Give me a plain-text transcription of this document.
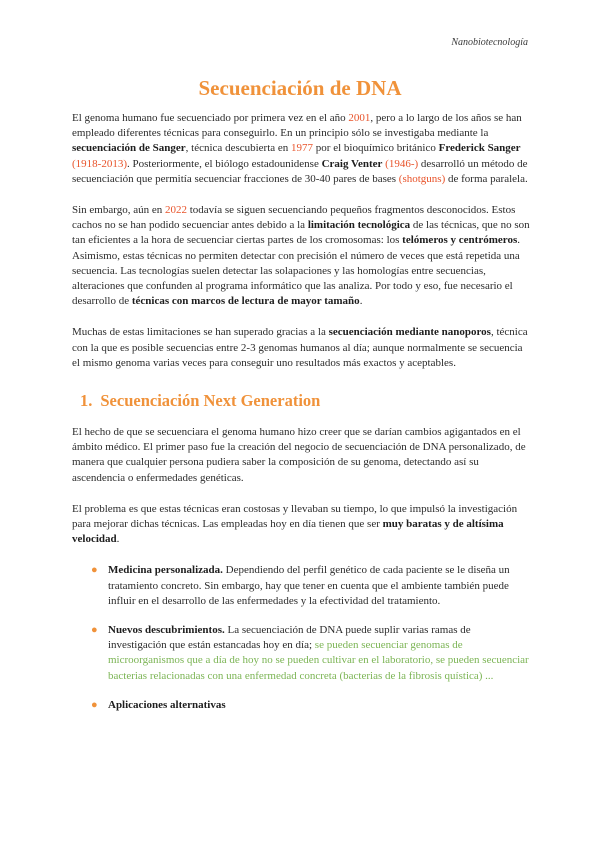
Nanobiotecnología
Secuenciación de DNA

El genoma humano fue secuenciado por primera vez en el año 2001, pero a lo largo de los años se han empleado diferentes técnicas para conseguirlo. En un principio sólo se investigaba mediante la secuenciación de Sanger, técnica descubierta en 1977 por el bioquímico británico Frederick Sanger (1918-2013). Posteriormente, el biólogo estadounidense Craig Venter (1946-) desarrolló un método de secuenciación que permitía secuenciar fracciones de 30-40 pares de bases (shotguns) de forma paralela.

Sin embargo, aún en 2022 todavía se siguen secuenciando pequeños fragmentos desconocidos. Estos cachos no se han podido secuenciar antes debido a la limitación tecnológica de las técnicas, que no son tan eficientes a la hora de secuenciar ciertas partes de los cromosomas: los telómeros y centrómeros. Asimismo, estas técnicas no permiten detectar con precisión el número de veces que está repetida una secuencia. Las tecnologías suelen detectar las solapaciones y las homologías entre secuencias, alteraciones que confunden al programa informático que las analiza. Por todo y eso, fue necesario el desarrollo de técnicas con marcos de lectura de mayor tamaño.

Muchas de estas limitaciones se han superado gracias a la secuenciación mediante nanoporos, técnica con la que es posible secuencias entre 2-3 genomas humanos al día; aunque normalmente se secuencia el mismo genoma varias veces para conseguir uno resultados más exactos y aceptables.

1. Secuenciación Next Generation

El hecho de que se secuenciara el genoma humano hizo creer que se darían cambios agigantados en el ámbito médico. El primer paso fue la creación del negocio de secuenciación de DNA personalizado, de manera que cualquier persona pudiera saber la composición de su genoma, detectando así su ascendencia o enfermedades genéticas.

El problema es que estas técnicas eran costosas y llevaban su tiempo, lo que impulsó la investigación para mejorar dichas técnicas. Las empleadas hoy en día tienen que ser muy baratas y de altísima velocidad.

● Medicina personalizada. Dependiendo del perfil genético de cada paciente se le diseña un tratamiento concreto. Sin embargo, hay que tener en cuenta que el ambiente también puede influir en el desarrollo de las enfermedades y la efectividad del tratamiento.
● Nuevos descubrimientos. La secuenciación de DNA puede suplir varias ramas de investigación que están estancadas hoy en día; se pueden secuenciar genomas de microorganismos que a día de hoy no se pueden cultivar en el laboratorio, se pueden secuenciar bacterias relacionadas con una enfermedad concreta (bacterias de la fibrosis quística) ...
● Aplicaciones alternativas
